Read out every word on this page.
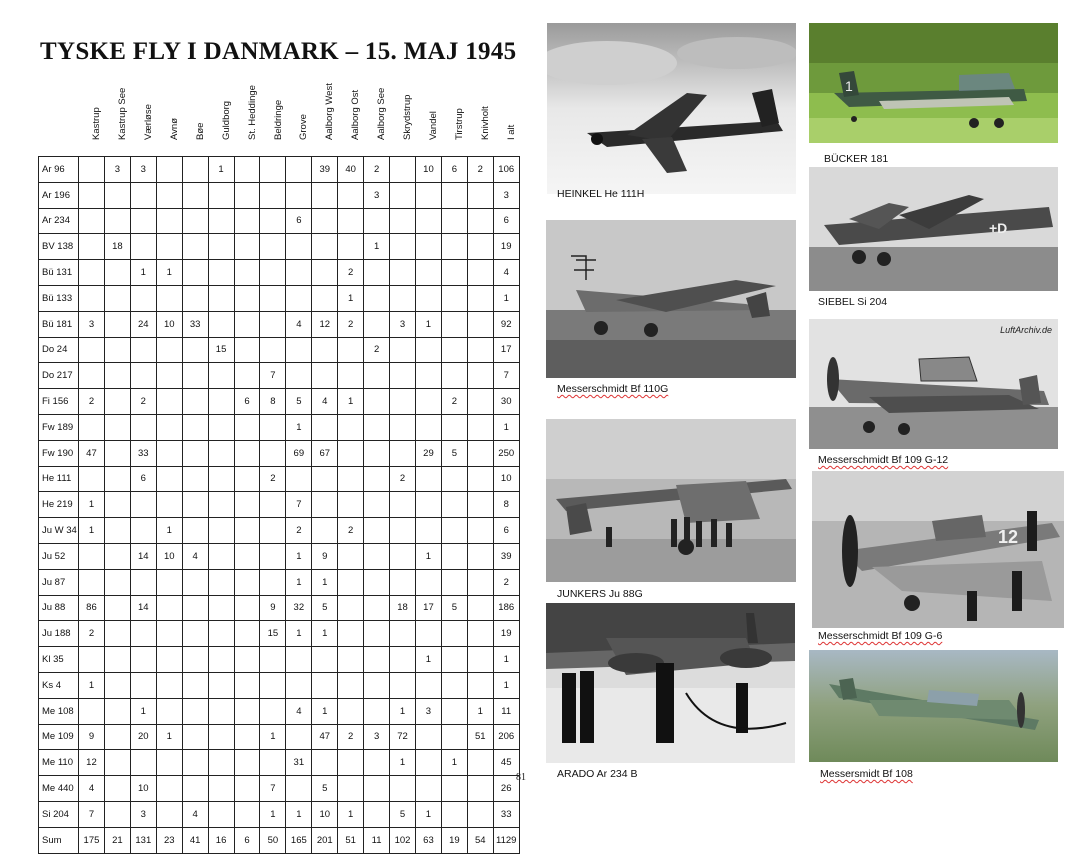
TYSKE FLY I DANMARK – 15. MAJ 1945
Kastrup Kastrup See Værløse Avnø Bøe Guldborg St. Heddinge Beldringe Grove Aalborg West Aalborg Ost Aalborg See Skrydstrup Vandel Tirstrup Knivholt I alt
Ar 96		3	3			1				39	40	2		10	6	2	106
Ar 196												3					3
Ar 234									6								6
BV 138		18										1					19
Bü 131			1	1							2						4
Bü 133											1						1
Bü 181	3		24	10	33				4	12	2		3	1			92
Do 24						15						2					17
Do 217								7									7
Fi 156	2		2				6	8	5	4	1				2		30
Fw 189									1								1
Fw 190	47		33						69	67				29	5		250
He 111			6					2					2				10
He 219	1								7								8
Ju W 34	1			1					2		2						6
Ju 52			14	10	4				1	9				1			39
Ju 87									1	1							2
Ju 88	86		14					9	32	5			18	17	5		186
Ju 188	2							15	1	1							19
Kl 35														1			1
Ks 4	1																1
Me 108			1						4	1			1	3		1	11
Me 109	9		20	1				1		47	2	3	72			51	206
Me 110	12								31				1		1		45
Me 440	4		10					7		5							26
Si 204	7		3		4			1	1	10	1		5	1			33
Sum	175	21	131	23	41	16	6	50	165	201	51	11	102	63	19	54	1129
81
HEINKEL He 111H
1
BÜCKER 181
+D
SIEBEL Si 204
Messerschmidt Bf 110G
LuftArchiv.de
Messerschmidt Bf 109 G-12
JUNKERS Ju 88G
12
Messerschmidt Bf 109 G-6
ARADO Ar 234 B	Messersmidt Bf 108
